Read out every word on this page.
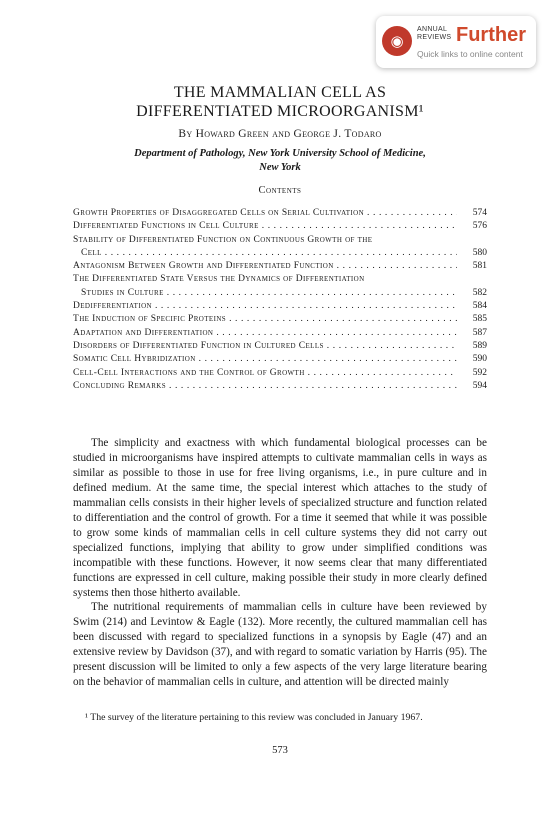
◉
ANNUAL
REVIEWS Further
Quick links to online content
THE MAMMALIAN CELL AS
DIFFERENTIATED MICROORGANISM¹
By Howard Green and George J. Todaro
Department of Pathology, New York University School of Medicine,
New York
Contents
Growth Properties of Disaggregated Cells on Serial Cultivation . . .	574
Differentiated Functions in Cell Culture . . .	576
Stability of Differentiated Function on Continuous Growth of the
Cell . . .	580
Antagonism Between Growth and Differentiated Function . . .	581
The Differentiated State Versus the Dynamics of Differentiation
Studies in Culture . . .	582
Dedifferentiation . . .	584
The Induction of Specific Proteins . . .	585
Adaptation and Differentiation . . .	587
Disorders of Differentiated Function in Cultured Cells . . .	589
Somatic Cell Hybridization . . .	590
Cell-Cell Interactions and the Control of Growth . . .	592
Concluding Remarks . . .	594

The simplicity and exactness with which fundamental biological processes can be studied in microorganisms have inspired attempts to cultivate mammalian cells in ways as similar as possible to those in use for free living organisms, i.e., in pure culture and in defined medium. At the same time, the special interest which attaches to the study of mammalian cells consists in their higher levels of specialized structure and function related to differentiation and the control of growth. For a time it seemed that while it was possible to grow some kinds of mammalian cells in cell culture systems they did not carry out specialized functions, implying that ability to grow under simplified conditions was incompatible with these functions. However, it now seems clear that many differentiated functions are expressed in cell culture, making possible their study in more clearly defined systems then those hitherto available.

The nutritional requirements of mammalian cells in culture have been reviewed by Swim (214) and Levintow & Eagle (132). More recently, the cultured mammalian cell has been discussed with regard to specialized functions in a synopsis by Eagle (47) and an extensive review by Davidson (37), and with regard to somatic variation by Harris (95). The present discussion will be limited to only a few aspects of the very large literature bearing on the behavior of mammalian cells in culture, and attention will be directed mainly

¹ The survey of the literature pertaining to this review was concluded in January 1967.

573
